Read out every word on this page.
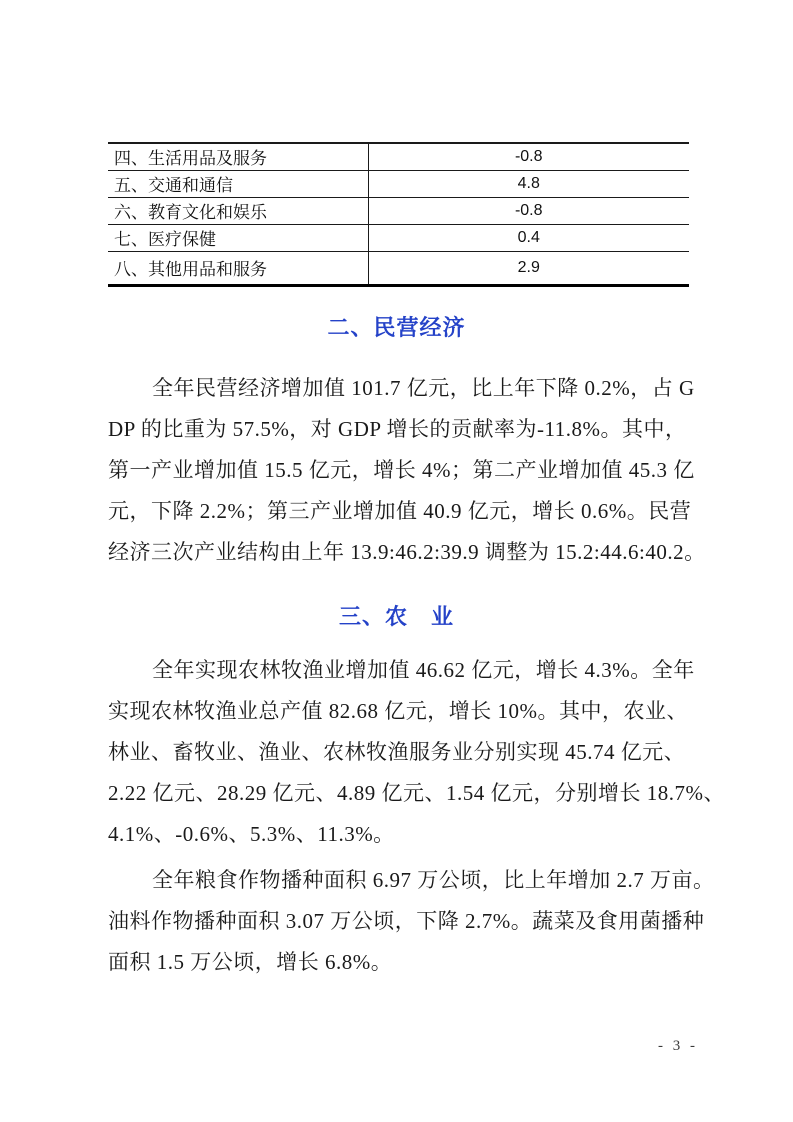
四、生活用品及服务	-0.8
五、交通和通信	4.8
六、教育文化和娱乐	-0.8
七、医疗保健	0.4
八、其他用品和服务	2.9
二、民营经济
全年民营经济增加值 101.7 亿元，比上年下降 0.2%，占 G
DP 的比重为 57.5%，对 GDP 增长的贡献率为-11.8%。其中，
第一产业增加值 15.5 亿元，增长 4%；第二产业增加值 45.3 亿
元，下降 2.2%；第三产业增加值 40.9 亿元，增长 0.6%。民营
经济三次产业结构由上年 13.9:46.2:39.9 调整为 15.2:44.6:40.2。
三、农　业
全年实现农林牧渔业增加值 46.62 亿元，增长 4.3%。全年
实现农林牧渔业总产值 82.68 亿元，增长 10%。其中，农业、
林业、畜牧业、渔业、农林牧渔服务业分别实现 45.74 亿元、
2.22 亿元、28.29 亿元、4.89 亿元、1.54 亿元，分别增长 18.7%、
4.1%、-0.6%、5.3%、11.3%。
全年粮食作物播种面积 6.97 万公顷，比上年增加 2.7 万亩。
油料作物播种面积 3.07 万公顷，下降 2.7%。蔬菜及食用菌播种
面积 1.5 万公顷，增长 6.8%。
- 3 -
